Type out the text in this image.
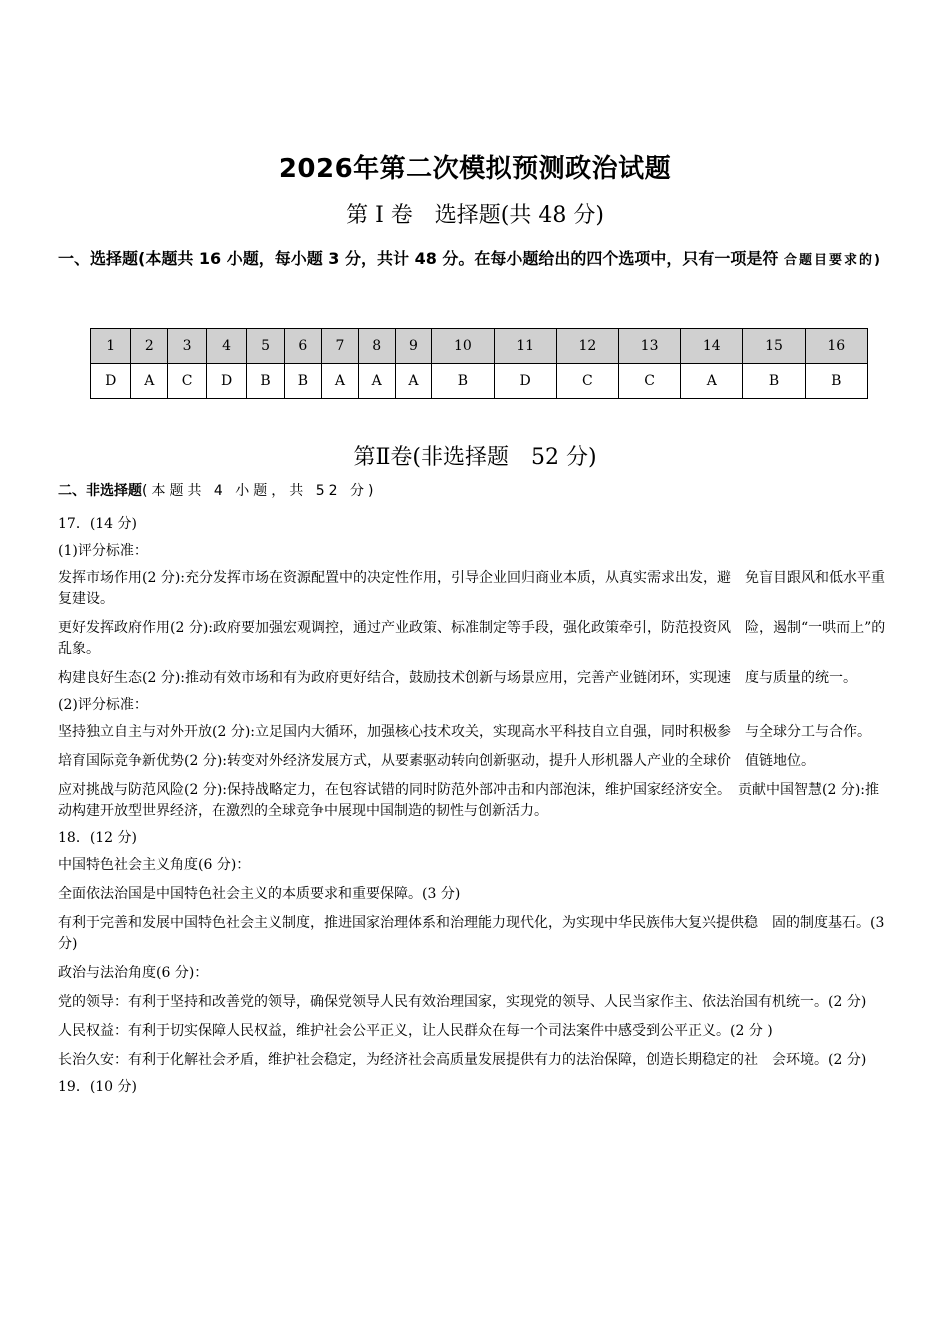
2026年第二次模拟预测政治试题
第 I 卷　选择题(共 48 分)
一、选择题(本题共 16 小题，每小题 3 分，共计 48 分。在每小题给出的四个选项中，只有一项是符 合题目要求的)
1	2	3	4	5	6	7	8	9	10	11	12	13	14	15	16
D	A	C	D	B	B	A	A	A	B	D	C	C	A	B	B
第Ⅱ卷(非选择题　52 分)
二、非选择题(本题共 4 小题，共 52 分)

17．(14 分)

(1)评分标准：

发挥市场作用(2 分):充分发挥市场在资源配置中的决定性作用，引导企业回归商业本质，从真实需求出发，避　免盲目跟风和低水平重复建设。

更好发挥政府作用(2 分):政府要加强宏观调控，通过产业政策、标准制定等手段，强化政策牵引，防范投资风　险，遏制“一哄而上”的乱象。

构建良好生态(2 分):推动有效市场和有为政府更好结合，鼓励技术创新与场景应用，完善产业链闭环，实现速　度与质量的统一。

(2)评分标准：

坚持独立自主与对外开放(2 分):立足国内大循环，加强核心技术攻关，实现高水平科技自立自强，同时积极参　与全球分工与合作。

培育国际竞争新优势(2 分):转变对外经济发展方式，从要素驱动转向创新驱动，提升人形机器人产业的全球价　值链地位。

应对挑战与防范风险(2 分):保持战略定力，在包容试错的同时防范外部冲击和内部泡沫，维护国家经济安全。　贡献中国智慧(2 分):推动构建开放型世界经济，在激烈的全球竞争中展现中国制造的韧性与创新活力。

18．(12 分)

中国特色社会主义角度(6 分)：

全面依法治国是中国特色社会主义的本质要求和重要保障。(3 分)

有利于完善和发展中国特色社会主义制度，推进国家治理体系和治理能力现代化，为实现中华民族伟大复兴提供稳　固的制度基石。(3 分)

政治与法治角度(6 分)：

党的领导：有利于坚持和改善党的领导，确保党领导人民有效治理国家，实现党的领导、人民当家作主、依法治国有机统一。(2 分)

人民权益：有利于切实保障人民权益，维护社会公平正义，让人民群众在每一个司法案件中感受到公平正义。(2 分 )

长治久安：有利于化解社会矛盾，维护社会稳定，为经济社会高质量发展提供有力的法治保障，创造长期稳定的社　会环境。(2 分)

19．(10 分)
